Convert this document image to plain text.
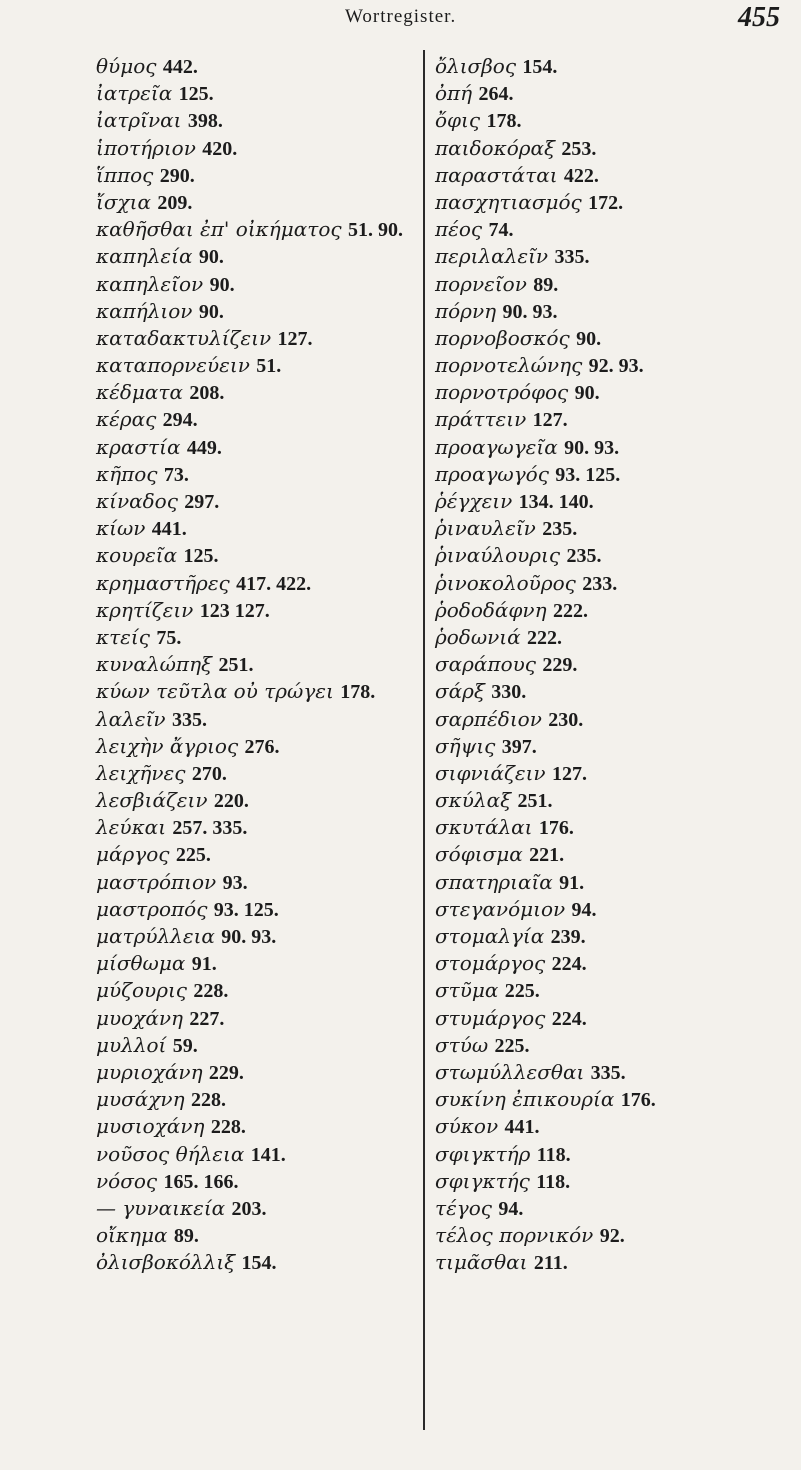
Wortregister.	455
θύμος 442.
ἰατρεῖα 125.
ἰατρῖναι 398.
ἱποτήριον 420.
ἵππος 290.
ἴσχια 209.
καθῆσθαι ἐπ' οἰκήματος 51. 90.
καπηλεία 90.
καπηλεῖον 90.
καπήλιον 90.
καταδακτυλίζειν 127.
καταπορνεύειν 51.
κέδματα 208.
κέρας 294.
κραστία 449.
κῆπος 73.
κίναδος 297.
κίων 441.
κουρεῖα 125.
κρημαστῆρες 417. 422.
κρητίζειν 123 127.
κτείς 75.
κυναλώπηξ 251.
κύων τεῦτλα οὐ τρώγει 178.
λαλεῖν 335.
λειχὴν ἄγριος 276.
λειχῆνες 270.
λεσβιάζειν 220.
λεύκαι 257. 335.
μάργος 225.
μαστρόπιον 93.
μαστροπός 93. 125.
ματρύλλεια 90. 93.
μίσθωμα 91.
μύζουρις 228.
μυοχάνη 227.
μυλλοί 59.
μυριοχάνη 229.
μυσάχνη 228.
μυσιοχάνη 228.
νοῦσος θήλεια 141.
νόσος 165. 166.
— γυναικεία 203.
οἴκημα 89.
ὀλισβοκόλλιξ 154.
ὄλισβος 154.
ὀπή 264.
ὄφις 178.
παιδοκόραξ 253.
παραστάται 422.
πασχητιασμός 172.
πέος 74.
περιλαλεῖν 335.
πορνεῖον 89.
πόρνη 90. 93.
πορνοβοσκός 90.
πορνοτελώνης 92. 93.
πορνοτρόφος 90.
πράττειν 127.
προαγωγεῖα 90. 93.
προαγωγός 93. 125.
ῥέγχειν 134. 140.
ῥιναυλεῖν 235.
ῥιναύλουρις 235.
ῥινοκολοῦρος 233.
ῥοδοδάφνη 222.
ῥοδωνιά 222.
σαράπους 229.
σάρξ 330.
σαρπέδιον 230.
σῆψις 397.
σιφνιάζειν 127.
σκύλαξ 251.
σκυτάλαι 176.
σόφισμα 221.
σπατηριαῖα 91.
στεγανόμιον 94.
στομαλγία 239.
στομάργος 224.
στῦμα 225.
στυμάργος 224.
στύω 225.
στωμύλλεσθαι 335.
συκίνη ἐπικουρία 176.
σύκον 441.
σφιγκτήρ 118.
σφιγκτής 118.
τέγος 94.
τέλος πορνικόν 92.
τιμᾶσθαι 211.
